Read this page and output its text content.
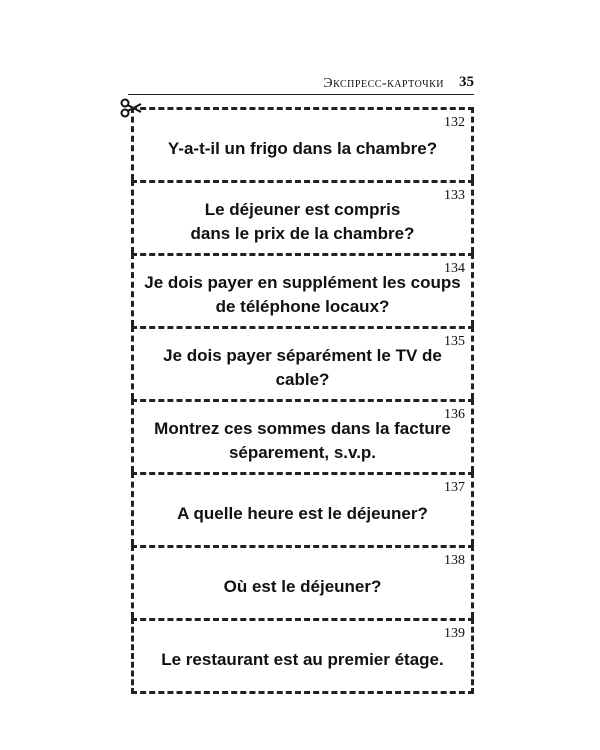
Экспресс-карточки 35
132
Y-a-t-il un frigo dans la chambre?
133
Le déjeuner est compris
dans le prix de la chambre?
134
Je dois payer en supplément les coups
de téléphone locaux?
135
Je dois payer séparément le TV de cable?
136
Montrez ces sommes dans la facture
séparement, s.v.p.
137
A quelle heure est le déjeuner?
138
Où est le déjeuner?
139
Le restaurant est au premier étage.
